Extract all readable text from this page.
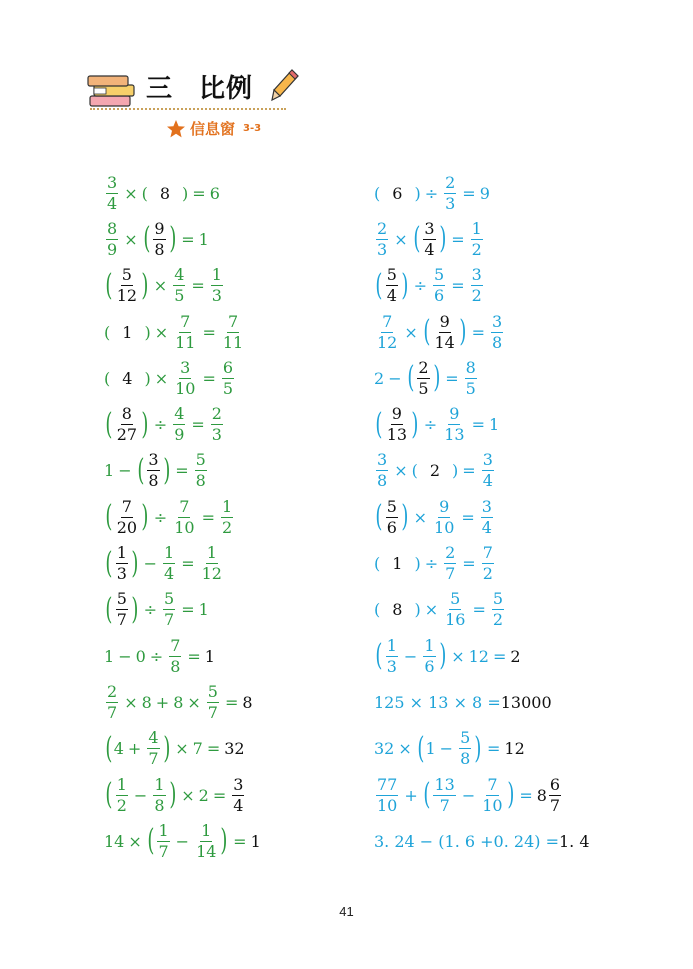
三 比例
信息窗 3-3
$\frac{3}{4}$ × ( 8 ) = 6
$\frac{8}{9}$ × ( $\frac{9}{8}$ ) = 1
( $\frac{5}{12}$ ) × $\frac{4}{5} = \frac{1}{3}$
( 1 ) × $\frac{7}{11} = \frac{7}{11}$
( 4 ) × $\frac{3}{10} = \frac{6}{5}$
( $\frac{8}{27}$ ) ÷ $\frac{4}{9} = \frac{2}{3}$
1 − ( $\frac{3}{8}$ ) = $\frac{5}{8}$
( $\frac{7}{20}$ ) ÷ $\frac{7}{10} = \frac{1}{2}$
( $\frac{1}{3}$ ) − $\frac{1}{4} = \frac{1}{12}$
( $\frac{5}{7}$ ) ÷ $\frac{5}{7} = 1$
$1 - 0 \div \frac{7}{8} = 1$
$\frac{2}{7} \times 8 + 8 \times \frac{5}{7} = 8$
( $4 + \frac{4}{7}$ ) × 7 = 32
( $\frac{1}{2} - \frac{1}{8}$ ) × $2 = \frac{3}{4}$
14 × ( $\frac{1}{7} - \frac{1}{14}$ ) = 1
( 6 ) ÷ $\frac{2}{3} = 9$
$\frac{2}{3}$ × ( $\frac{3}{4}$ ) = $\frac{1}{2}$
( $\frac{5}{4}$ ) ÷ $\frac{5}{6} = \frac{3}{2}$
$\frac{7}{12}$ × ( $\frac{9}{14}$ ) = $\frac{3}{8}$
2 − ( $\frac{2}{5}$ ) = $\frac{8}{5}$
( $\frac{9}{13}$ ) ÷ $\frac{9}{13} = 1$
$\frac{3}{8}$ × ( 2 ) = $\frac{3}{4}$
( $\frac{5}{6}$ ) × $\frac{9}{10} = \frac{3}{4}$
( 1 ) ÷ $\frac{2}{7} = \frac{7}{2}$
( 8 ) × $\frac{5}{16} = \frac{5}{2}$
( $\frac{1}{3} - \frac{1}{6}$ ) × 12 = 2
125 × 13 × 8 = 13000
32 × ( $1 - \frac{5}{8}$ ) = 12
$\frac{77}{10}$ + ( $\frac{13}{7} - \frac{7}{10}$ ) = $8 \frac{6}{7}$
3. 24 − (1. 6 +0. 24) = 1. 4
41
